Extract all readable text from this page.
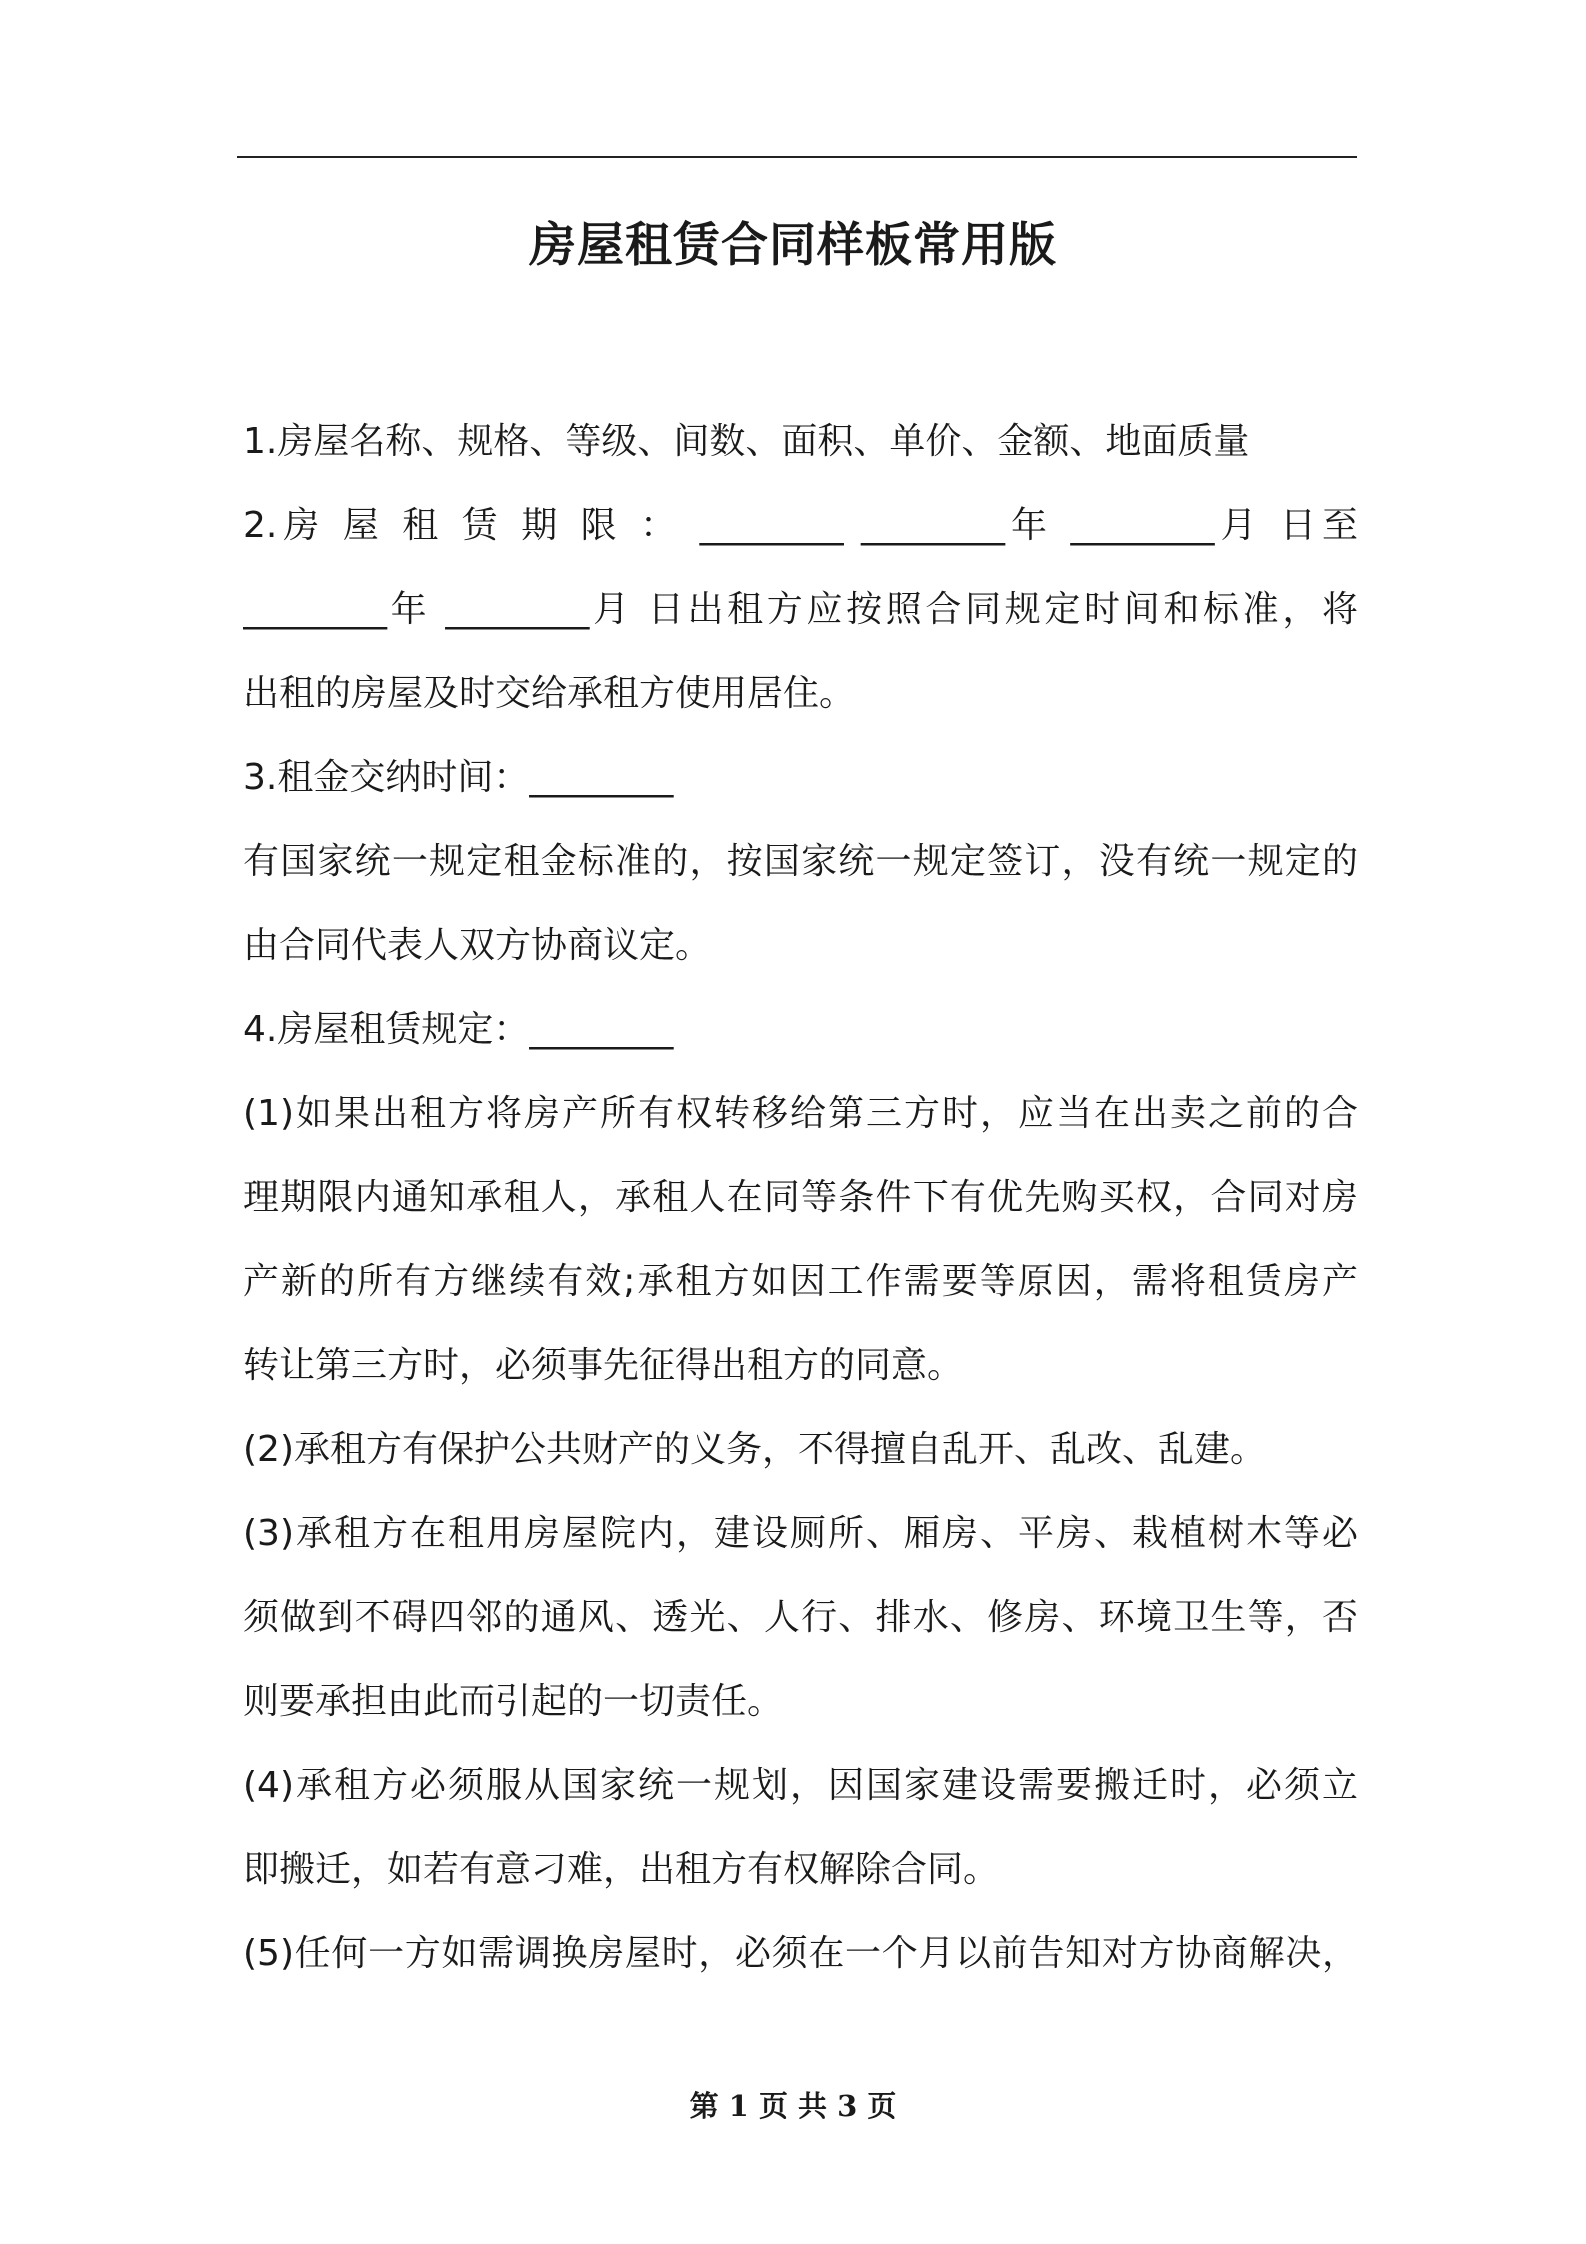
房屋租赁合同样板常用版
1.房屋名称、规格、等级、间数、面积、单价、金额、地面质量
2.房 屋 租 赁 期 限 ： ________ ________年 ________月 日至
________年 ________月 日出租方应按照合同规定时间和标准，将
出租的房屋及时交给承租方使用居住。
3.租金交纳时间：________
有国家统一规定租金标准的，按国家统一规定签订，没有统一规定的
由合同代表人双方协商议定。
4.房屋租赁规定：________
(1)如果出租方将房产所有权转移给第三方时，应当在出卖之前的合
理期限内通知承租人，承租人在同等条件下有优先购买权，合同对房
产新的所有方继续有效;承租方如因工作需要等原因，需将租赁房产
转让第三方时，必须事先征得出租方的同意。
(2)承租方有保护公共财产的义务，不得擅自乱开、乱改、乱建。
(3)承租方在租用房屋院内，建设厕所、厢房、平房、栽植树木等必
须做到不碍四邻的通风、透光、人行、排水、修房、环境卫生等，否
则要承担由此而引起的一切责任。
(4)承租方必须服从国家统一规划，因国家建设需要搬迁时，必须立
即搬迁，如若有意刁难，出租方有权解除合同。
(5)任何一方如需调换房屋时，必须在一个月以前告知对方协商解决，
第 1 页 共 3 页
